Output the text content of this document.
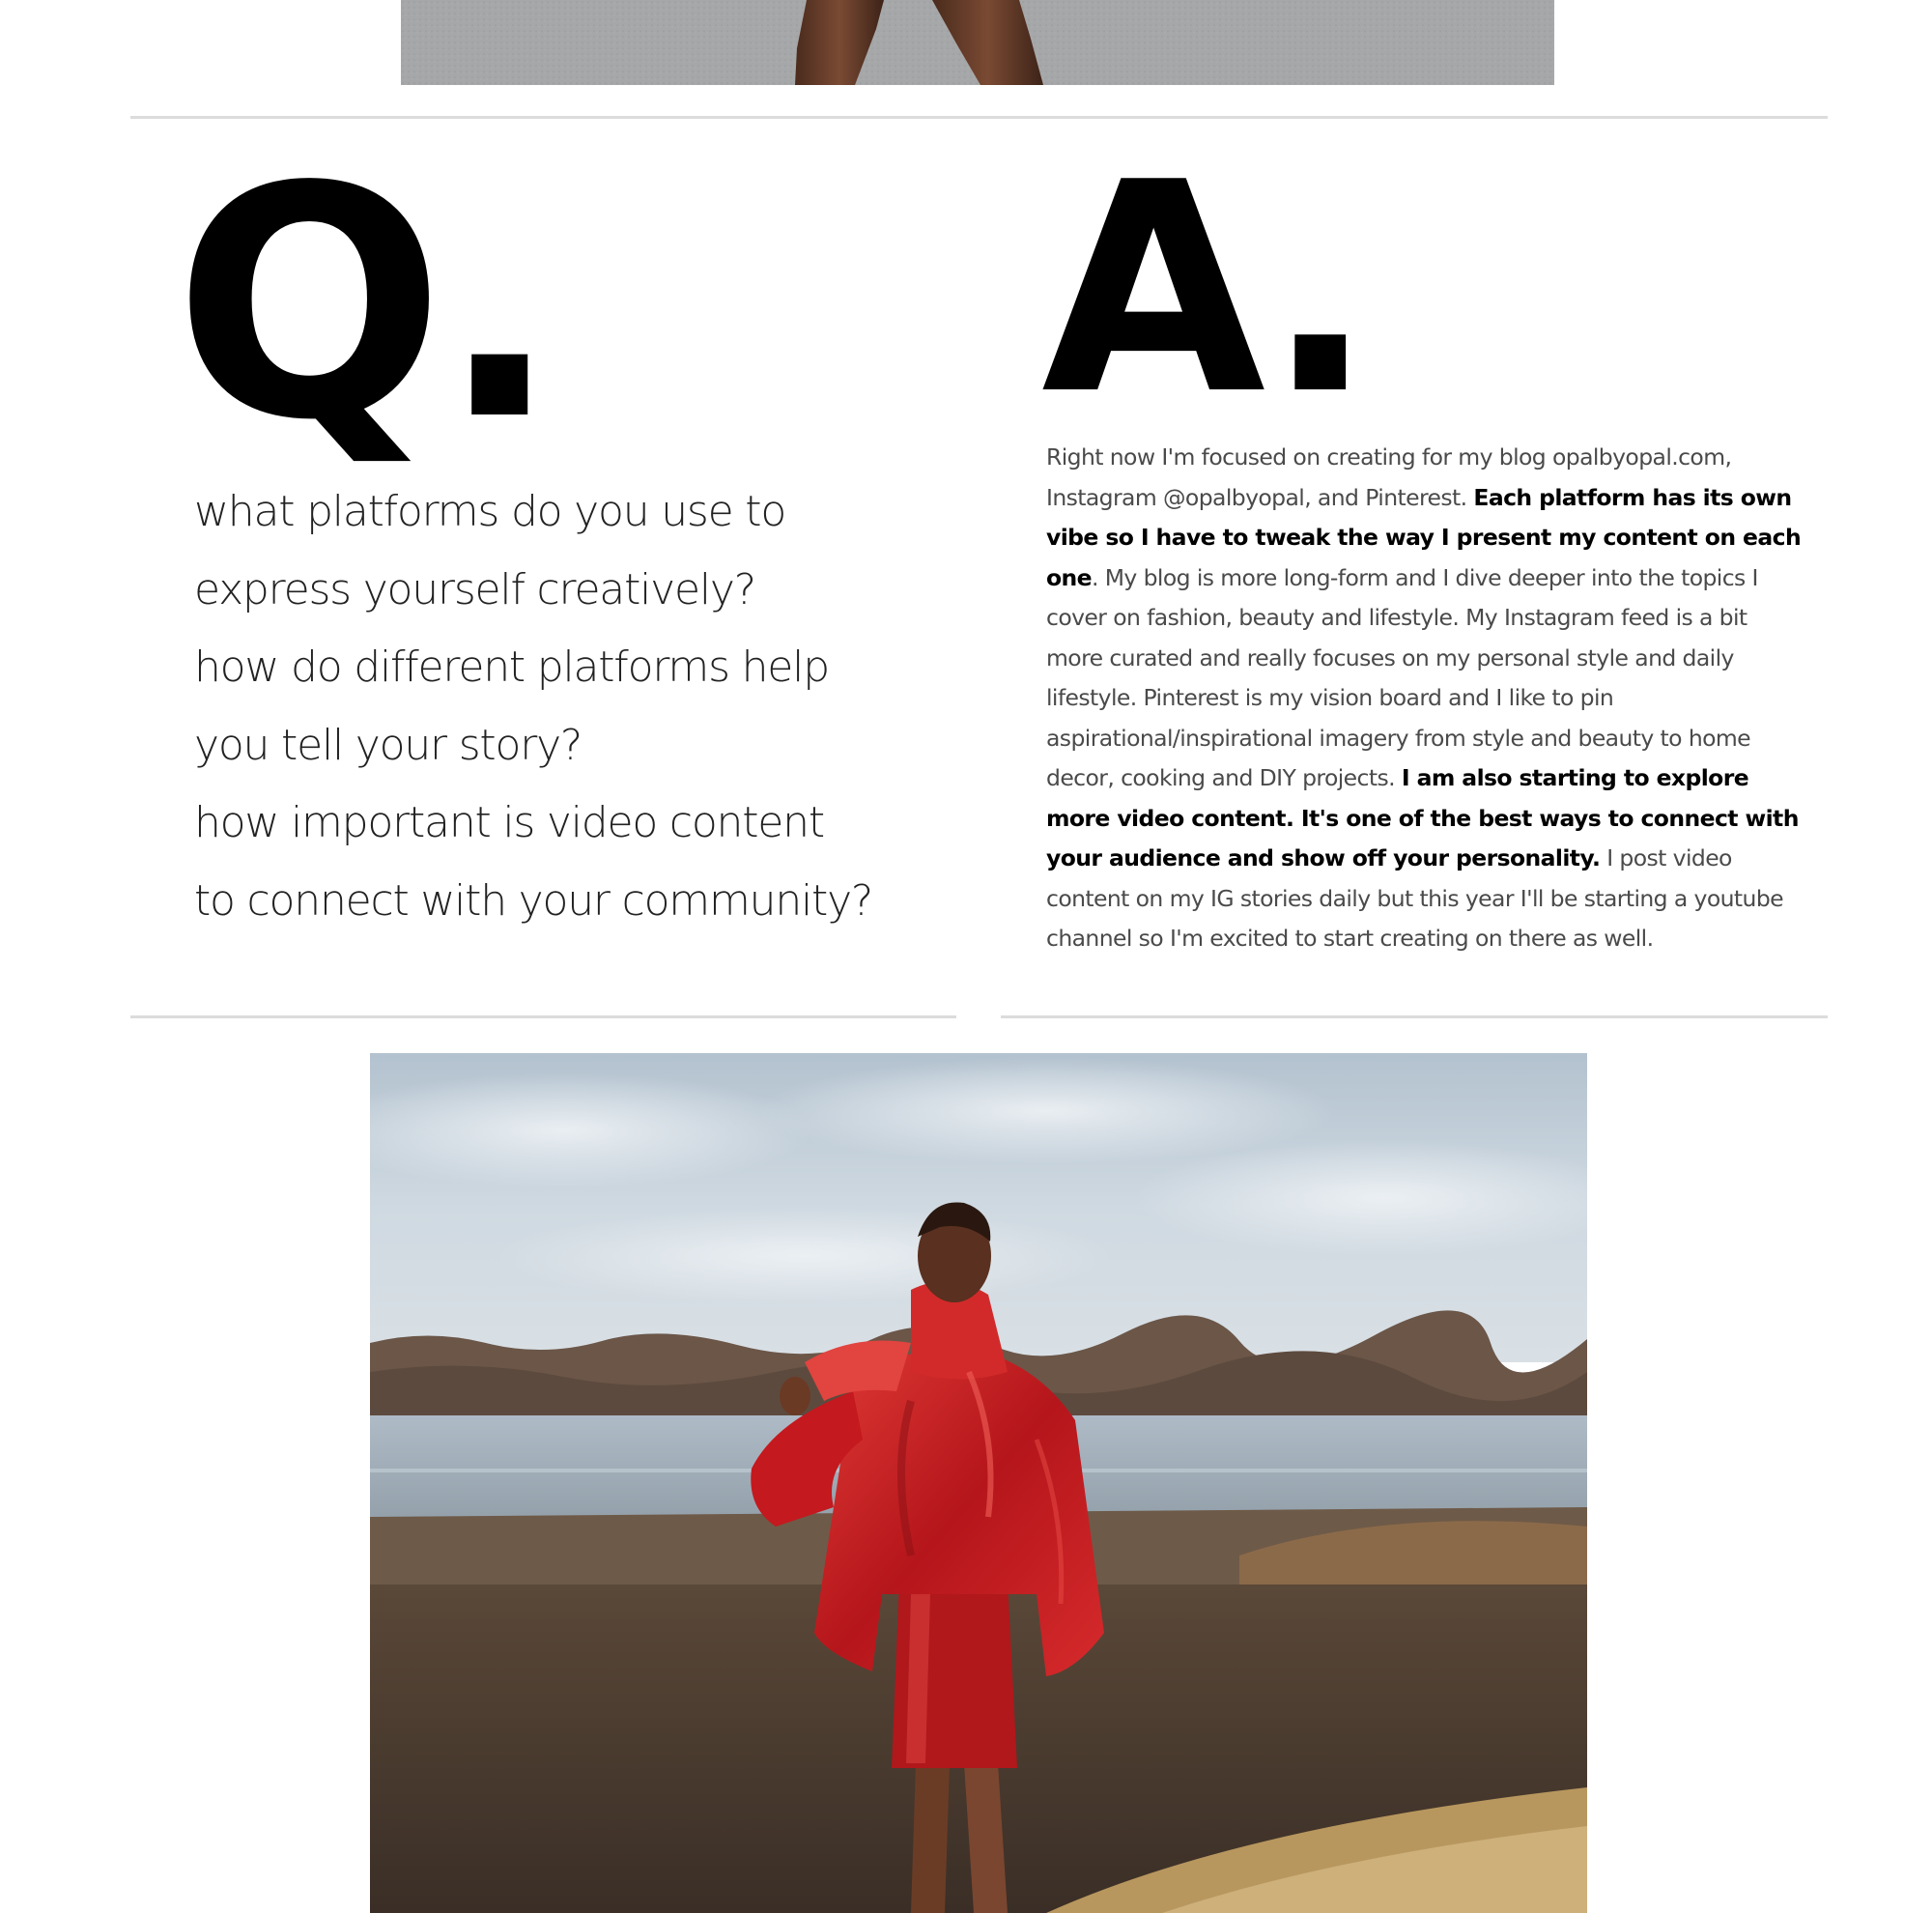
Q. A.
what platforms do you use to
express yourself creatively?
how do different platforms help
you tell your story?
how important is video content
to connect with your community?
Right now I'm focused on creating for my blog opalbyopal.com, Instagram @opalbyopal, and Pinterest. Each platform has its own vibe so I have to tweak the way I present my content on each one. My blog is more long-form and I dive deeper into the topics I cover on fashion, beauty and lifestyle. My Instagram feed is a bit more curated and really focuses on my personal style and daily lifestyle. Pinterest is my vision board and I like to pin aspirational/inspirational imagery from style and beauty to home decor, cooking and DIY projects. I am also starting to explore more video content. It's one of the best ways to connect with your audience and show off your personality. I post video content on my IG stories daily but this year I'll be starting a youtube channel so I'm excited to start creating on there as well.
